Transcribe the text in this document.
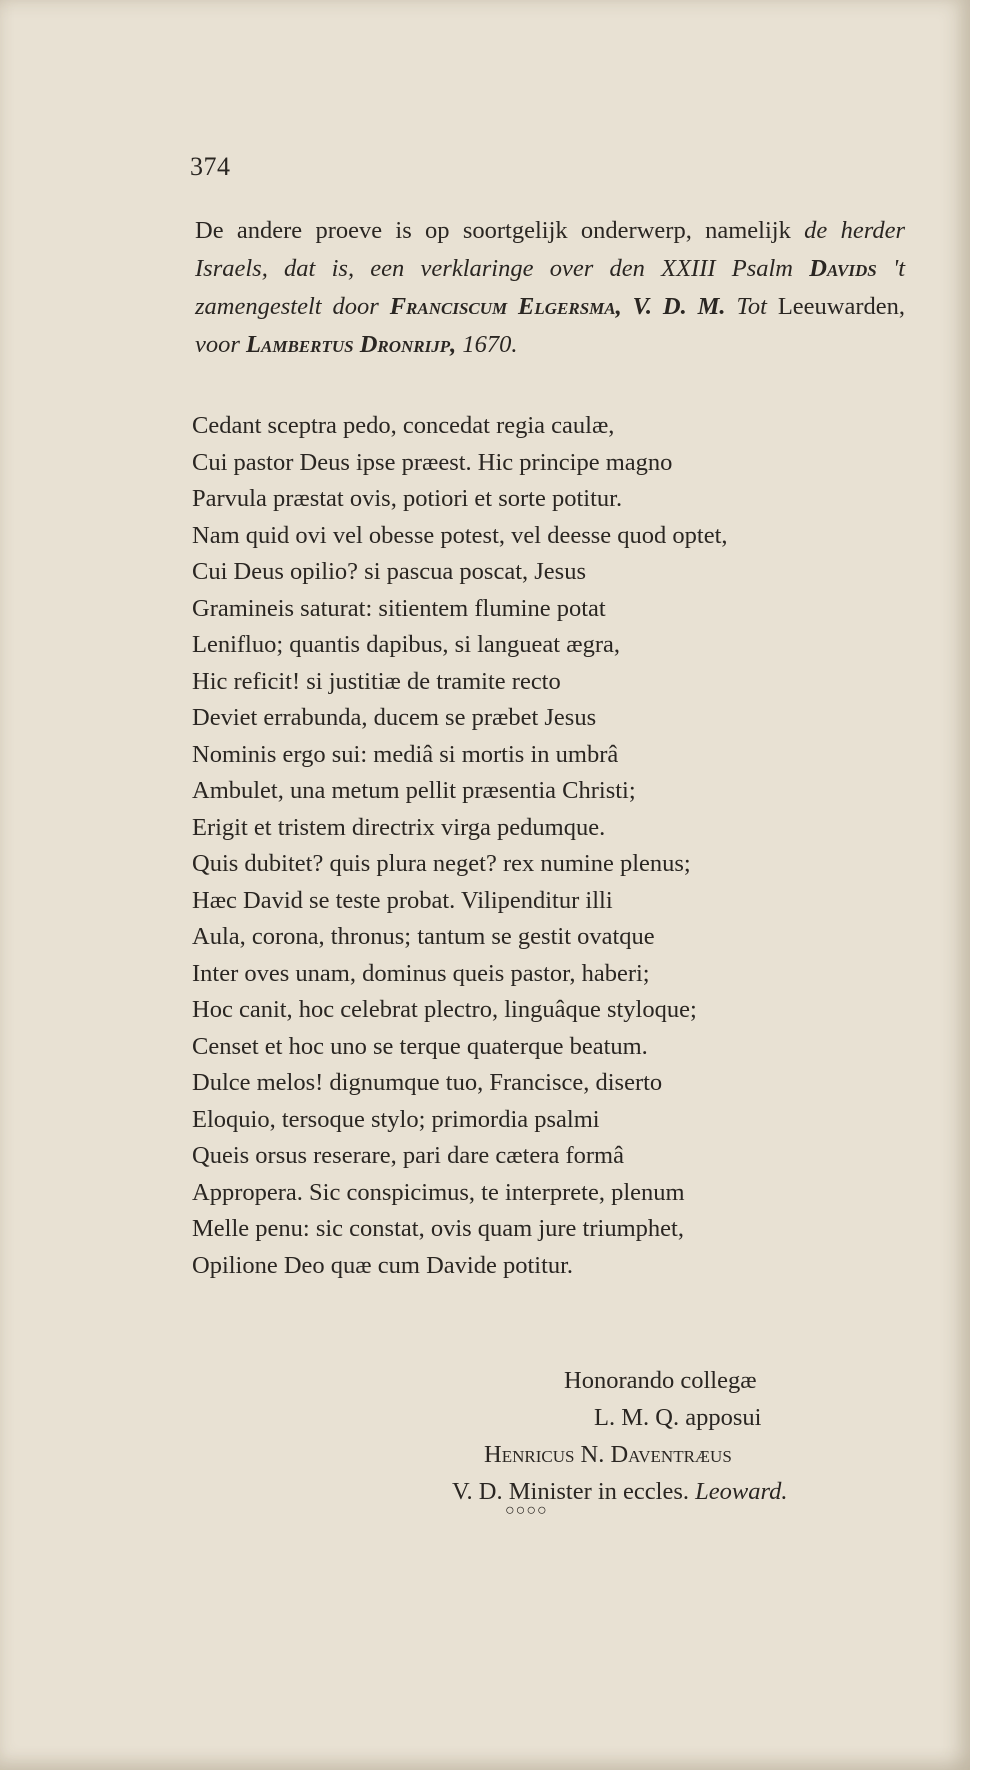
374
De andere proeve is op soortgelijk onderwerp, namelijk de herder Israels, dat is, een verklaringe over den XXIII Psalm Davids 't zamengestelt door Franciscum Elgersma, V. D. M. Tot Leeuwarden, voor Lambertus Dronrijp, 1670.
Cedant sceptra pedo, concedat regia caulæ,
Cui pastor Deus ipse præest. Hic principe magno
Parvula præstat ovis, potiori et sorte potitur.
Nam quid ovi vel obesse potest, vel deesse quod optet,
Cui Deus opilio? si pascua poscat, Jesus
Gramineis saturat: sitientem flumine potat
Lenifluo; quantis dapibus, si langueat ægra,
Hic reficit! si justitiæ de tramite recto
Deviet errabunda, ducem se præbet Jesus
Nominis ergo sui: mediâ si mortis in umbrâ
Ambulet, una metum pellit præsentia Christi;
Erigit et tristem directrix virga pedumque.
Quis dubitet? quis plura neget? rex numine plenus;
Hæc David se teste probat. Vilipenditur illi
Aula, corona, thronus; tantum se gestit ovatque
Inter oves unam, dominus queis pastor, haberi;
Hoc canit, hoc celebrat plectro, linguâque styloque;
Censet et hoc uno se terque quaterque beatum.
Dulce melos! dignumque tuo, Francisce, diserto
Eloquio, tersoque stylo; primordia psalmi
Queis orsus reserare, pari dare cætera formâ
Appropera. Sic conspicimus, te interprete, plenum
Melle penu: sic constat, ovis quam jure triumphet,
Opilione Deo quæ cum Davide potitur.
Honorando collegæ
L. M. Q. apposui
Henricus N. Daventræus
V. D. Minister in eccles. Leoward.
○○○○
